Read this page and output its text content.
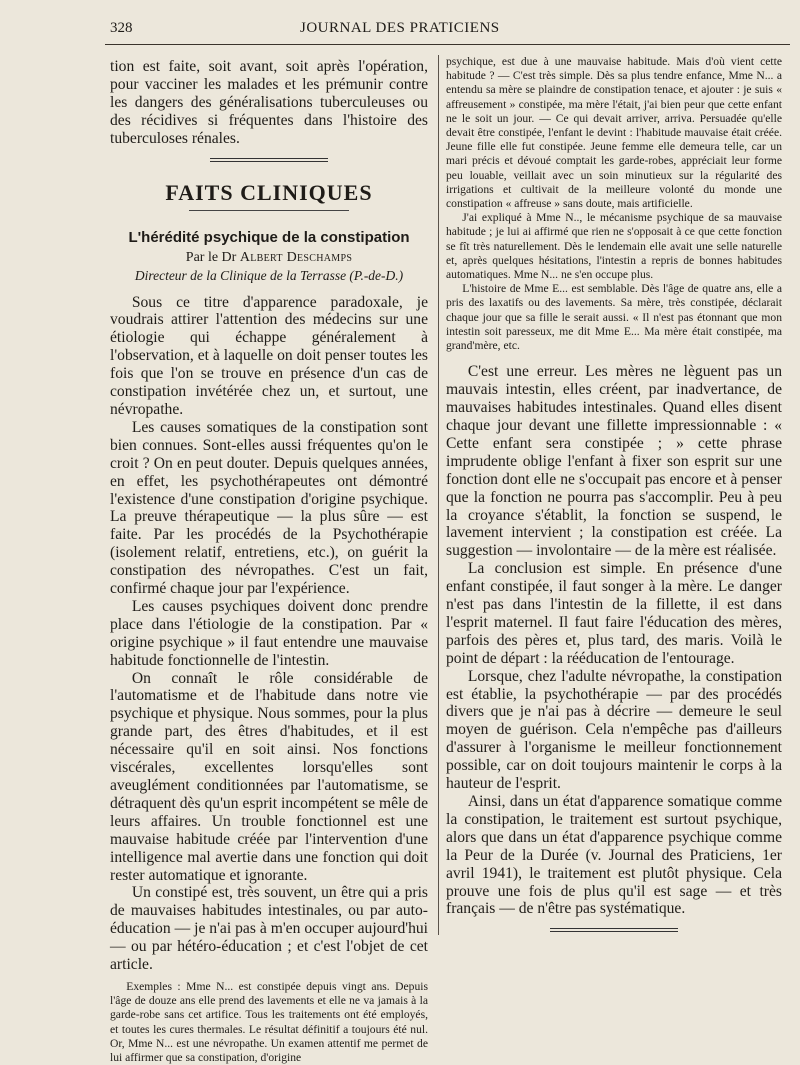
328	JOURNAL DES PRATICIENS

tion est faite, soit avant, soit après l'opération, pour vacciner les malades et les prémunir contre les dangers des généralisations tuberculeuses ou des récidives si fréquentes dans l'histoire des tuberculoses rénales.

FAITS CLINIQUES

L'hérédité psychique de la constipation

Par le Dr Albert Deschamps
Directeur de la Clinique de la Terrasse (P.-de-D.)

Sous ce titre d'apparence paradoxale, je voudrais attirer l'attention des médecins sur une étiologie qui échappe généralement à l'observation, et à laquelle on doit penser toutes les fois que l'on se trouve en présence d'un cas de constipation invétérée chez un, et surtout, une névropathe.

Les causes somatiques de la constipation sont bien connues. Sont-elles aussi fréquentes qu'on le croit ? On en peut douter. Depuis quelques années, en effet, les psychothérapeutes ont démontré l'existence d'une constipation d'origine psychique. La preuve thérapeutique — la plus sûre — est faite. Par les procédés de la Psychothérapie (isolement relatif, entretiens, etc.), on guérit la constipation des névropathes. C'est un fait, confirmé chaque jour par l'expérience.

Les causes psychiques doivent donc prendre place dans l'étiologie de la constipation. Par « origine psychique » il faut entendre une mauvaise habitude fonctionnelle de l'intestin.

On connaît le rôle considérable de l'automatisme et de l'habitude dans notre vie psychique et physique. Nous sommes, pour la plus grande part, des êtres d'habitudes, et il est nécessaire qu'il en soit ainsi. Nos fonctions viscérales, excellentes lorsqu'elles sont aveuglément conditionnées par l'automatisme, se détraquent dès qu'un esprit incompétent se mêle de leurs affaires. Un trouble fonctionnel est une mauvaise habitude créée par l'intervention d'une intelligence mal avertie dans une fonction qui doit rester automatique et ignorante.

Un constipé est, très souvent, un être qui a pris de mauvaises habitudes intestinales, ou par auto-éducation — je n'ai pas à m'en occuper aujourd'hui — ou par hétéro-éducation ; et c'est l'objet de cet article.

Exemples : Mme N... est constipée depuis vingt ans. Depuis l'âge de douze ans elle prend des lavements et elle ne va jamais à la garde-robe sans cet artifice. Tous les traitements ont été employés, et toutes les cures thermales. Le résultat définitif a toujours été nul. Or, Mme N... est une névropathe. Un examen attentif me permet de lui affirmer que sa constipation, d'origine

psychique, est due à une mauvaise habitude. Mais d'où vient cette habitude ? — C'est très simple. Dès sa plus tendre enfance, Mme N... a entendu sa mère se plaindre de constipation tenace, et ajouter : je suis « affreusement » constipée, ma mère l'était, j'ai bien peur que cette enfant ne le soit un jour. — Ce qui devait arriver, arriva. Persuadée qu'elle devait être constipée, l'enfant le devint : l'habitude mauvaise était créée. Jeune fille elle fut constipée. Jeune femme elle demeura telle, car un mari précis et dévoué comptait les garde-robes, appréciait leur forme peu louable, veillait avec un soin minutieux sur la régularité des irrigations et cultivait de la meilleure volonté du monde une constipation « affreuse » sans doute, mais artificielle.

J'ai expliqué à Mme N.., le mécanisme psychique de sa mauvaise habitude ; je lui ai affirmé que rien ne s'opposait à ce que cette fonction se fît très naturellement. Dès le lendemain elle avait une selle naturelle et, après quelques hésitations, l'intestin a repris de bonnes habitudes automatiques. Mme N... ne s'en occupe plus.

L'histoire de Mme E... est semblable. Dès l'âge de quatre ans, elle a pris des laxatifs ou des lavements. Sa mère, très constipée, déclarait chaque jour que sa fille le serait aussi. « Il n'est pas étonnant que mon intestin soit paresseux, me dit Mme E... Ma mère était constipée, ma grand'mère, etc.

C'est une erreur. Les mères ne lèguent pas un mauvais intestin, elles créent, par inadvertance, de mauvaises habitudes intestinales. Quand elles disent chaque jour devant une fillette impressionnable : « Cette enfant sera constipée ; » cette phrase imprudente oblige l'enfant à fixer son esprit sur une fonction dont elle ne s'occupait pas encore et à penser que la fonction ne pourra pas s'accomplir. Peu à peu la croyance s'établit, la fonction se suspend, le lavement intervient ; la constipation est créée. La suggestion — involontaire — de la mère est réalisée.

La conclusion est simple. En présence d'une enfant constipée, il faut songer à la mère. Le danger n'est pas dans l'intestin de la fillette, il est dans l'esprit maternel. Il faut faire l'éducation des mères, parfois des pères et, plus tard, des maris. Voilà le point de départ : la rééducation de l'entourage.

Lorsque, chez l'adulte névropathe, la constipation est établie, la psychothérapie — par des procédés divers que je n'ai pas à décrire — demeure le seul moyen de guérison. Cela n'empêche pas d'ailleurs d'assurer à l'organisme le meilleur fonctionnement possible, car on doit toujours maintenir le corps à la hauteur de l'esprit.

Ainsi, dans un état d'apparence somatique comme la constipation, le traitement est surtout psychique, alors que dans un état d'apparence psychique comme la Peur de la Durée (v. Journal des Praticiens, 1er avril 1941), le traitement est plutôt physique. Cela prouve une fois de plus qu'il est sage — et très français — de n'être pas systématique.
